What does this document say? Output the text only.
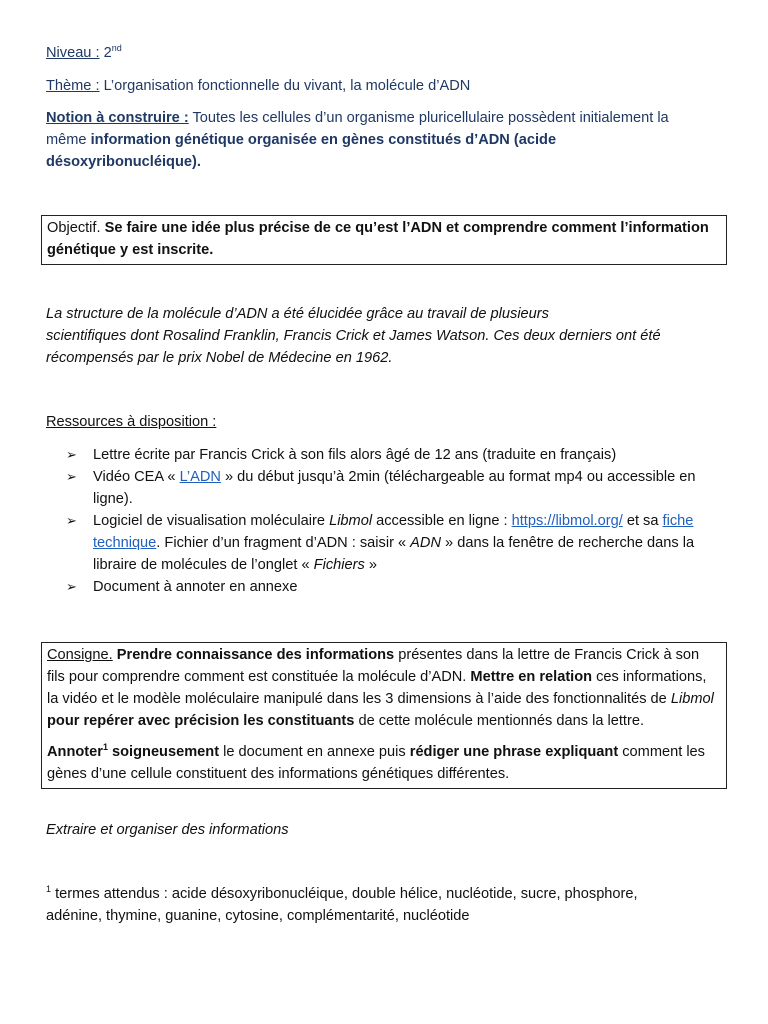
Niveau : 2nd

Thème : L’organisation fonctionnelle du vivant, la molécule d’ADN

Notion à construire : Toutes les cellules d’un organisme pluricellulaire possèdent initialement la même information génétique organisée en gènes constitués d’ADN (acide désoxyribonucléique).

Objectif. Se faire une idée plus précise de ce qu’est l’ADN et comprendre comment l’information génétique y est inscrite.

La structure de la molécule d’ADN a été élucidée grâce au travail de plusieurs

scientifiques dont Rosalind Franklin, Francis Crick et James Watson. Ces deux derniers ont été

récompensés par le prix Nobel de Médecine en 1962.

Ressources à disposition :

➢ Lettre écrite par Francis Crick à son fils alors âgé de 12 ans (traduite en français)
➢ Vidéo CEA « L’ADN » du début jusqu’à 2min (téléchargeable au format mp4 ou accessible en ligne).
➢ Logiciel de visualisation moléculaire Libmol accessible en ligne : https://libmol.org/ et sa fiche technique. Fichier d’un fragment d’ADN : saisir « ADN » dans la fenêtre de recherche dans la libraire de molécules de l’onglet « Fichiers »
➢ Document à annoter en annexe

Consigne. Prendre connaissance des informations présentes dans la lettre de Francis Crick à son fils pour comprendre comment est constituée la molécule d’ADN. Mettre en relation ces informations, la vidéo et le modèle moléculaire manipulé dans les 3 dimensions à l’aide des fonctionnalités de Libmol pour repérer avec précision les constituants de cette molécule mentionnés dans la lettre.

Annoter$^1$ soigneusement le document en annexe puis rédiger une phrase expliquant comment les gènes d’une cellule constituent des informations génétiques différentes.

Extraire et organiser des informations
$^1$ termes attendus : acide désoxyribonucléique, double hélice, nucléotide, sucre, phosphore, adénine, thymine, guanine, cytosine, complémentarité, nucléotide
